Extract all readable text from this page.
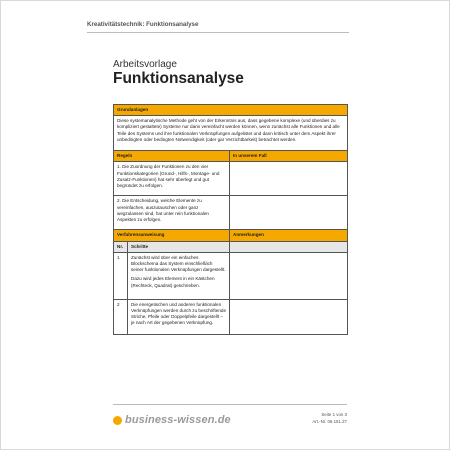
Kreativitätstechnik: Funktionsanalyse
Arbeitsvorlage
Funktionsanalyse
Grundanlagen		
Diese systemanalytische Methode geht von der Erkenntnis aus, dass gegebene komplexe (und überdies zu kompliziert gestaltete) Systeme nur dann vereinfacht werden können, wenn zunächst alle Funktionen und alle Teile des Systems und ihre funktionalen Verknüpfungen aufgelistet und dann kritisch unter dem Aspekt ihrer unbedingten oder bedingten Notwendigkeit (oder gar Verzichtbarkeit) betrachtet werden.		
Regeln		In unserem Fall
1. Die Zuordnung der Funktionen zu den vier Funktionskategorien (Grund-, Hilfs-, Montage- und Zusatz-Funktionen) hat sehr überlegt und gut begründet zu erfolgen.		
2. Die Entscheidung, welche Elemente zu vereinfachen, auszutauschen oder ganz wegzulassen sind, hat unter rein funktionalen Aspekten zu erfolgen.		
Verfahrensanweisung		Anmerkungen
Nr.	Schritte	
1	Zunächst wird über ein einfaches Blockschema das System einschließlich seiner funktionalen Verknüpfungen dargestellt.

Dazu wird jedes Element in ein Kästchen (Rechteck, Quadrat) geschrieben.	

2	Die energetischen und anderen funktionalen Verknüpfungen werden durch zu beschriftende Striche, Pfeile oder Doppelpfeile dargestellt – je nach Art der gegebenen Verknüpfung.	

business-wissen.de	Seite 1 von 3
Art.-Nr. 06.151.27
